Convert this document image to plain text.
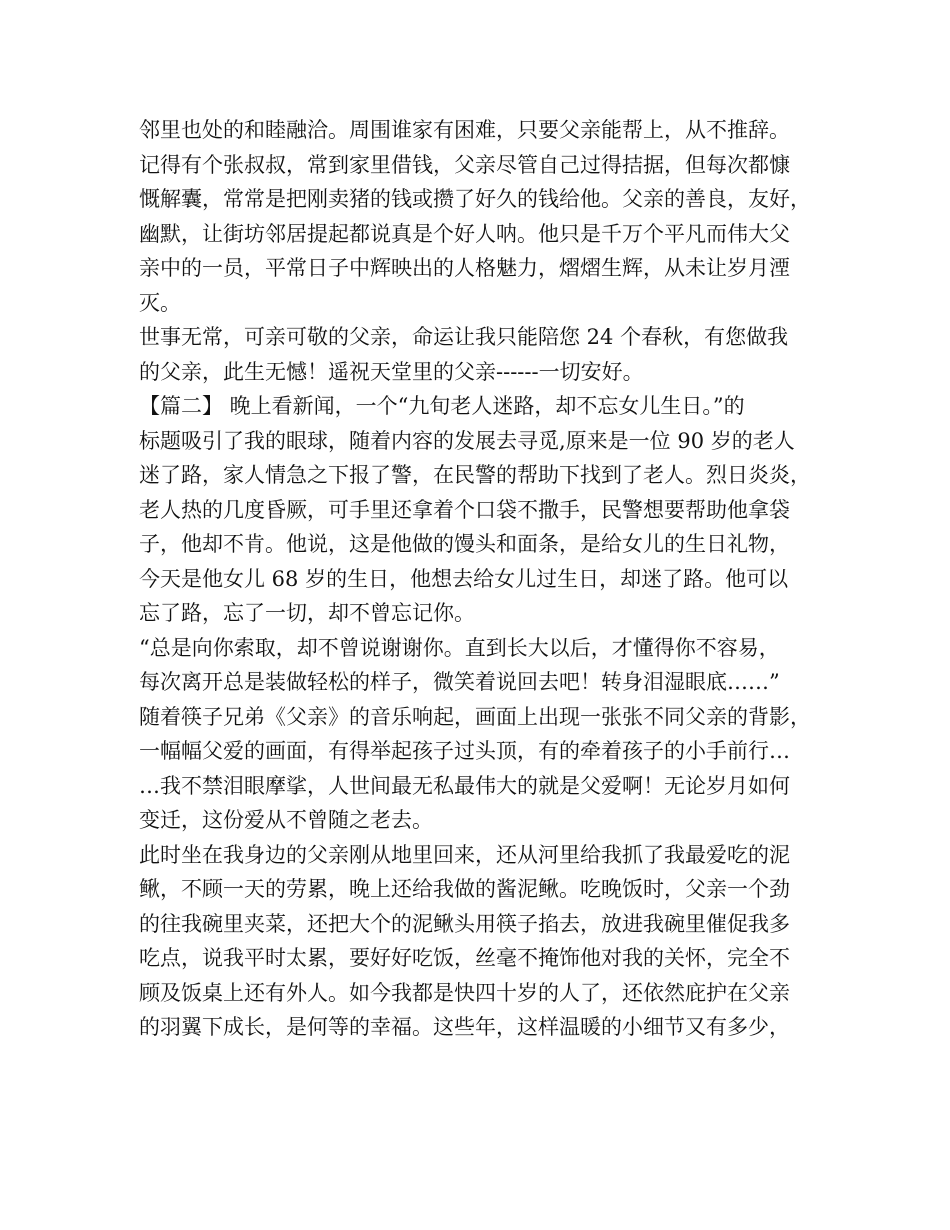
邻里也处的和睦融洽。周围谁家有困难，只要父亲能帮上，从不推辞。
记得有个张叔叔，常到家里借钱，父亲尽管自己过得拮据，但每次都慷
慨解囊，常常是把刚卖猪的钱或攒了好久的钱给他。父亲的善良，友好，
幽默，让街坊邻居提起都说真是个好人呐。他只是千万个平凡而伟大父
亲中的一员，平常日子中辉映出的人格魅力，熠熠生辉，从未让岁月湮
灭。
世事无常，可亲可敬的父亲，命运让我只能陪您 24 个春秋，有您做我
的父亲，此生无憾！遥祝天堂里的父亲------一切安好。
【篇二】 晚上看新闻，一个“九旬老人迷路，却不忘女儿生日。”的
标题吸引了我的眼球，随着内容的发展去寻觅,原来是一位 90 岁的老人
迷了路，家人情急之下报了警，在民警的帮助下找到了老人。烈日炎炎，
老人热的几度昏厥，可手里还拿着个口袋不撒手，民警想要帮助他拿袋
子，他却不肯。他说，这是他做的馒头和面条，是给女儿的生日礼物，
今天是他女儿 68 岁的生日，他想去给女儿过生日，却迷了路。他可以
忘了路，忘了一切，却不曾忘记你。
“总是向你索取，却不曾说谢谢你。直到长大以后，才懂得你不容易，
每次离开总是装做轻松的样子，微笑着说回去吧！转身泪湿眼底……”
随着筷子兄弟《父亲》的音乐响起，画面上出现一张张不同父亲的背影，
一幅幅父爱的画面，有得举起孩子过头顶，有的牵着孩子的小手前行…
…我不禁泪眼摩挲，人世间最无私最伟大的就是父爱啊！无论岁月如何
变迁，这份爱从不曾随之老去。
此时坐在我身边的父亲刚从地里回来，还从河里给我抓了我最爱吃的泥
鳅，不顾一天的劳累，晚上还给我做的酱泥鳅。吃晚饭时，父亲一个劲
的往我碗里夹菜，还把大个的泥鳅头用筷子掐去，放进我碗里催促我多
吃点，说我平时太累，要好好吃饭，丝毫不掩饰他对我的关怀，完全不
顾及饭桌上还有外人。如今我都是快四十岁的人了，还依然庇护在父亲
的羽翼下成长，是何等的幸福。这些年，这样温暖的小细节又有多少，
